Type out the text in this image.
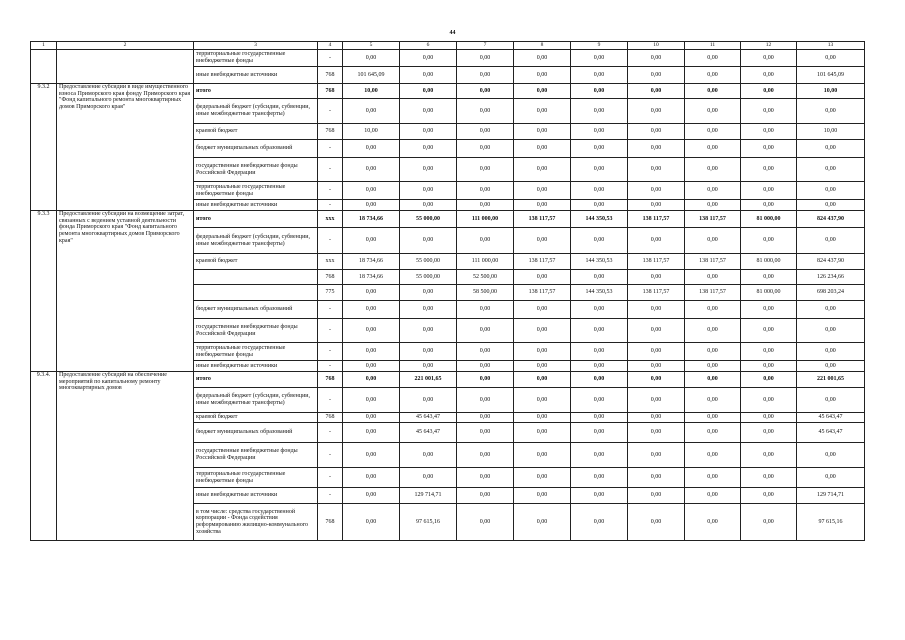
44
1	2	3	4	5	6	7	8	9	10	11	12	13
		территориальные государственные внебюджетные фонды	-	0,00	0,00	0,00	0,00	0,00	0,00	0,00	0,00	0,00
		иные внебюджетные источники	768	101 645,09	0,00	0,00	0,00	0,00	0,00	0,00	0,00	101 645,09
9.3.2	Предоставление субсидии в виде имущественного взноса Приморского края фонду Приморского края "Фонд капитального ремонта многоквартирных домов Приморского края"	итого	768	10,00	0,00	0,00	0,00	0,00	0,00	0,00	0,00	10,00
		федеральный бюджет (субсидии, субвенции, иные межбюджетные трансферты)	-	0,00	0,00	0,00	0,00	0,00	0,00	0,00	0,00	0,00
		краевой бюджет	768	10,00	0,00	0,00	0,00	0,00	0,00	0,00	0,00	10,00
		бюджет муниципальных образований	-	0,00	0,00	0,00	0,00	0,00	0,00	0,00	0,00	0,00
		государственные внебюджетные фонды Российской Федерации	-	0,00	0,00	0,00	0,00	0,00	0,00	0,00	0,00	0,00
		территориальные государственные внебюджетные фонды	-	0,00	0,00	0,00	0,00	0,00	0,00	0,00	0,00	0,00
		иные внебюджетные источники	-	0,00	0,00	0,00	0,00	0,00	0,00	0,00	0,00	0,00
9.3.3	Предоставление субсидии на возмещение затрат, связанных с ведением уставной деятельности фонда Приморского края "Фонд капитального ремонта многоквартирных домов Приморского края"	итого	ххх	18 734,66	55 000,00	111 000,00	138 117,57	144 350,53	138 117,57	138 117,57	81 000,00	824 437,90
		федеральный бюджет (субсидии, субвенции, иные межбюджетные трансферты)	-	0,00	0,00	0,00	0,00	0,00	0,00	0,00	0,00	0,00
		краевой бюджет	ххх	18 734,66	55 000,00	111 000,00	138 117,57	144 350,53	138 117,57	138 117,57	81 000,00	824 437,90
			768	18 734,66	55 000,00	52 500,00	0,00	0,00	0,00	0,00	0,00	126 234,66
			775	0,00	0,00	58 500,00	138 117,57	144 350,53	138 117,57	138 117,57	81 000,00	698 203,24
		бюджет муниципальных образований	-	0,00	0,00	0,00	0,00	0,00	0,00	0,00	0,00	0,00
		государственные внебюджетные фонды Российской Федерации	-	0,00	0,00	0,00	0,00	0,00	0,00	0,00	0,00	0,00
		территориальные государственные внебюджетные фонды	-	0,00	0,00	0,00	0,00	0,00	0,00	0,00	0,00	0,00
		иные внебюджетные источники	-	0,00	0,00	0,00	0,00	0,00	0,00	0,00	0,00	0,00
9.3.4.	Предоставление субсидий на обеспечение мероприятий по капитальному ремонту многоквартирных домов	итого	768	0,00	221 001,65	0,00	0,00	0,00	0,00	0,00	0,00	221 001,65
		федеральный бюджет (субсидии, субвенции, иные межбюджетные трансферты)	-	0,00	0,00	0,00	0,00	0,00	0,00	0,00	0,00	0,00
		краевой бюджет	768	0,00	45 643,47	0,00	0,00	0,00	0,00	0,00	0,00	45 643,47
		бюджет муниципальных образований	-	0,00	45 643,47	0,00	0,00	0,00	0,00	0,00	0,00	45 643,47
		государственные внебюджетные фонды Российской Федерации	-	0,00	0,00	0,00	0,00	0,00	0,00	0,00	0,00	0,00
		территориальные государственные внебюджетные фонды	-	0,00	0,00	0,00	0,00	0,00	0,00	0,00	0,00	0,00
		иные внебюджетные источники	-	0,00	129 714,71	0,00	0,00	0,00	0,00	0,00	0,00	129 714,71
		в том числе: средства государственной корпорации - Фонда содействия реформированию жилищно-коммунального хозяйства	768	0,00	97 615,16	0,00	0,00	0,00	0,00	0,00	0,00	97 615,16
